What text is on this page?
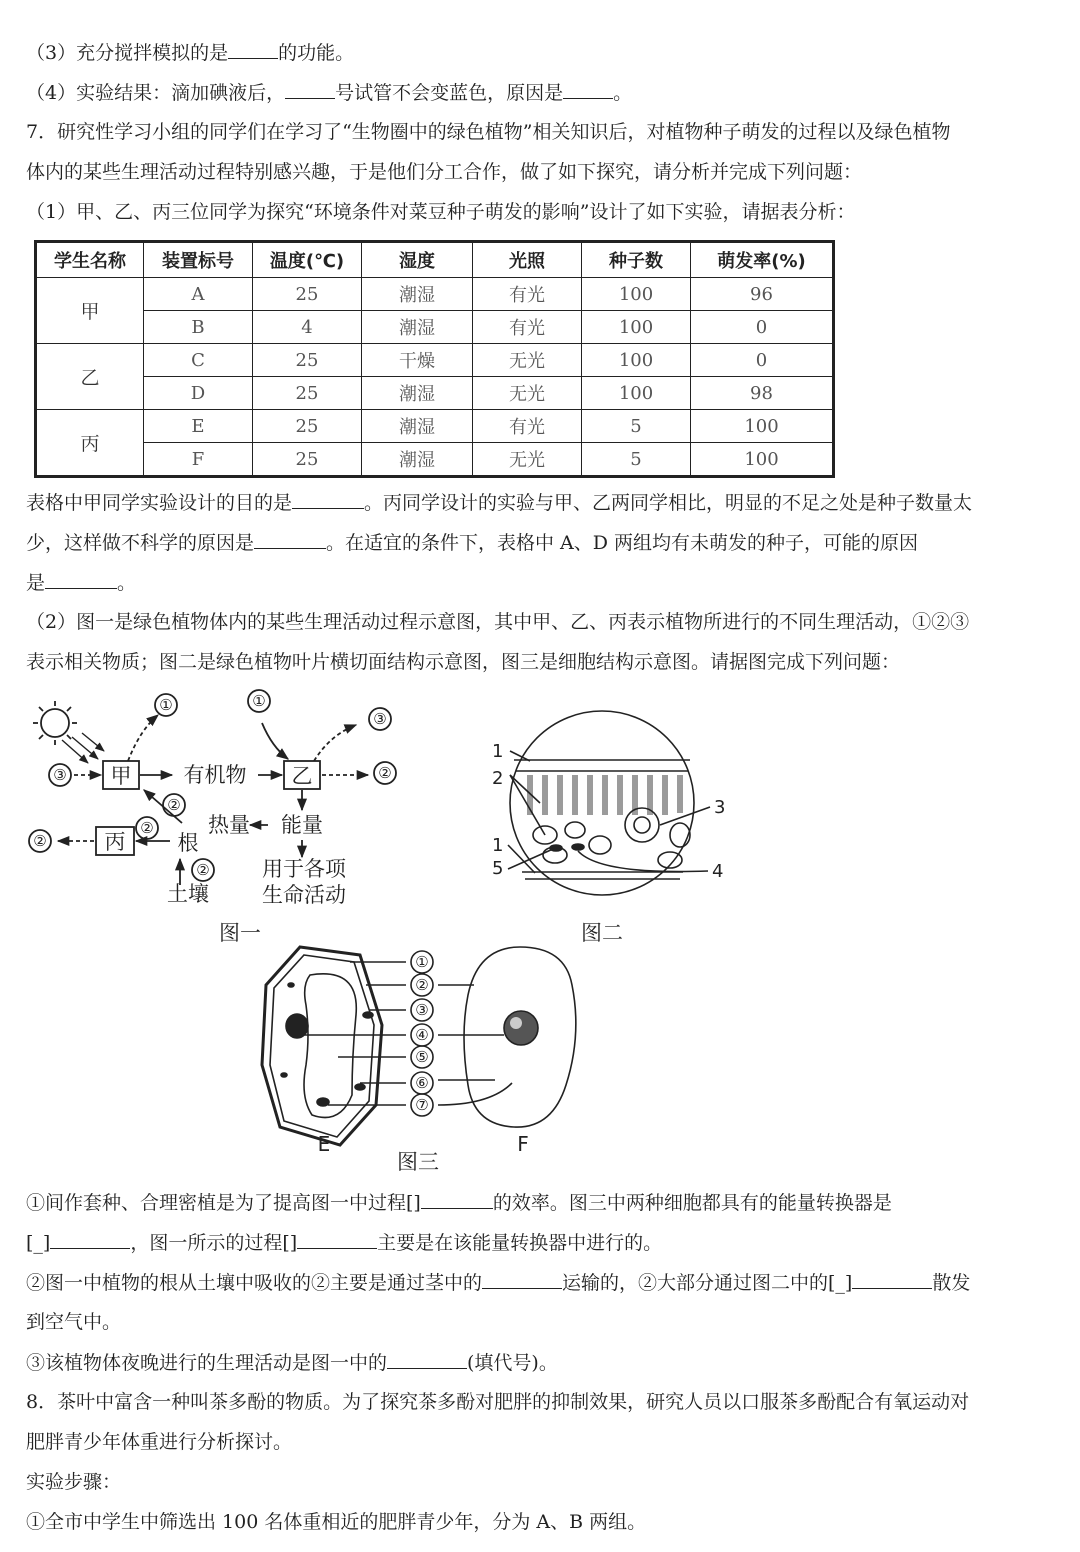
（3）充分搅拌模拟的是	的功能。
（4）实验结果：滴加碘液后，	号试管不会变蓝色，原因是	。
7．研究性学习小组的同学们在学习了“生物圈中的绿色植物”相关知识后，对植物种子萌发的过程以及绿色植物
体内的某些生理活动过程特别感兴趣，于是他们分工合作，做了如下探究，请分析并完成下列问题：
（1）甲、乙、丙三位同学为探究“环境条件对菜豆种子萌发的影响”设计了如下实验，请据表分析：
学生名称	装置标号	温度(℃)	湿度	光照	种子数	萌发率(%)
甲	A	25	潮湿	有光	100	96
	B	4	潮湿	有光	100	0
乙	C	25	干燥	无光	100	0
	D	25	潮湿	无光	100	98
丙	E	25	潮湿	有光	5	100
	F	25	潮湿	无光	5	100
表格中甲同学实验设计的目的是	。丙同学设计的实验与甲、乙两同学相比，明显的不足之处是种子数量太
少，这样做不科学的原因是	。在适宜的条件下，表格中 A、D 两组均有未萌发的种子，可能的原因
是	。
（2）图一是绿色植物体内的某些生理活动过程示意图，其中甲、乙、丙表示植物所进行的不同生理活动，①②③
表示相关物质；图二是绿色植物叶片横切面结构示意图，图三是细胞结构示意图。请据图完成下列问题：
①
③
①
③
②
②
②
②
②
甲	乙
丙
有机物
热量 能量
根
土壤
用于各项
生命活动
图一
1
2
3
1
5	4
图二
①
②
③
④
⑤
⑥
⑦
E	F
图三
①间作套种、合理密植是为了提高图一中过程[]	的效率。图三中两种细胞都具有的能量转换器是
[_]	，图一所示的过程[]	主要是在该能量转换器中进行的。
②图一中植物的根从土壤中吸收的②主要是通过茎中的	运输的，②大部分通过图二中的[_]	散发
到空气中。
③该植物体夜晚进行的生理活动是图一中的	(填代号)。
8．茶叶中富含一种叫茶多酚的物质。为了探究茶多酚对肥胖的抑制效果，研究人员以口服茶多酚配合有氧运动对
肥胖青少年体重进行分析探讨。
实验步骤：
①全市中学生中筛选出 100 名体重相近的肥胖青少年，分为 A、B 两组。
